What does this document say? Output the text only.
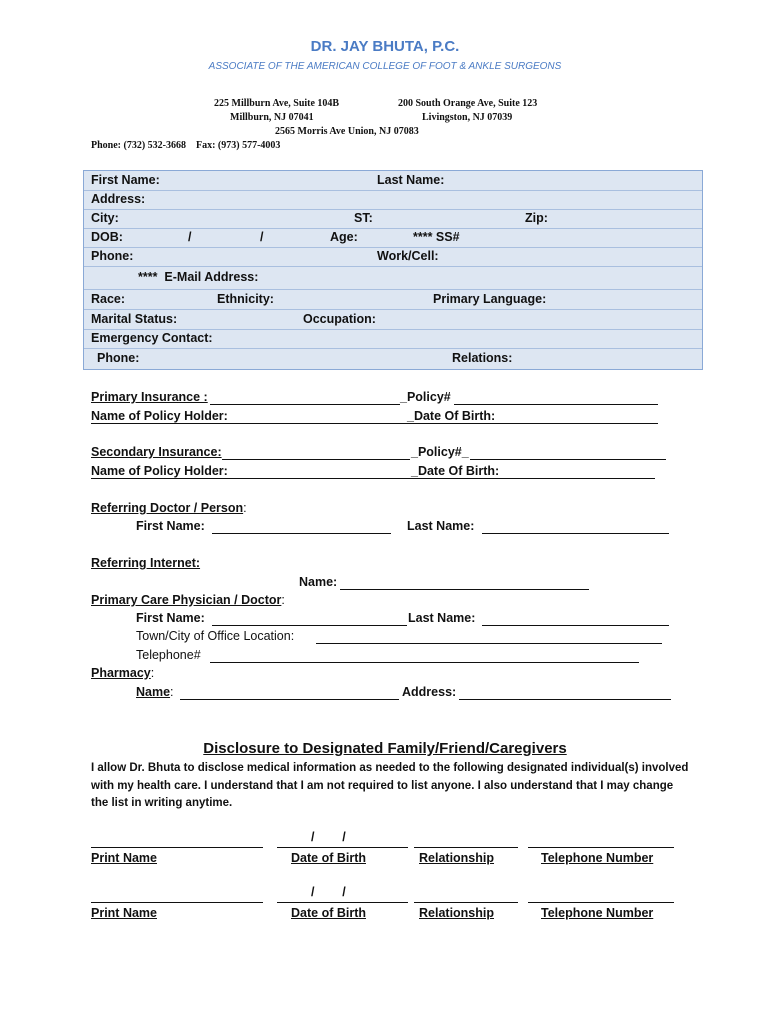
DR. JAY BHUTA, P.C.
ASSOCIATE OF THE AMERICAN COLLEGE OF FOOT & ANKLE SURGEONS
225 Millburn Ave, Suite 104B
Millburn, NJ 07041
200 South Orange Ave, Suite 123
Livingston, NJ 07039
2565 Morris Ave Union, NJ 07083
Phone: (732) 532-3668    Fax: (973) 577-4003
First Name:	Last Name:
Address:
City:	ST:	Zip:
DOB:	/	/	Age:	**** SS#
Phone:	Work/Cell:
****  E-Mail Address:
Race:	Ethnicity:	Primary Language:
Marital Status:	Occupation:
Emergency Contact:
Phone:	Relations:
Primary Insurance :	_Policy#
Name of Policy Holder:	_Date Of Birth:
Secondary Insurance:	_Policy#_
Name of Policy Holder:	_Date Of Birth:
Referring Doctor / Person:
First Name:	Last Name:
Referring Internet:
Name:
Primary Care Physician / Doctor:
First Name:	Last Name:
Town/City of Office Location:
Telephone#
Pharmacy:
Name:	Address:
Disclosure to Designated Family/Friend/Caregivers
I allow Dr. Bhuta to disclose medical information as needed to the following designated individual(s) involved with my health care. I understand that I am not required to list anyone. I also understand that I may change the list in writing anytime.
/        /
Print Name	Date of Birth	Relationship	Telephone Number
/        /
Print Name	Date of Birth	Relationship	Telephone Number
